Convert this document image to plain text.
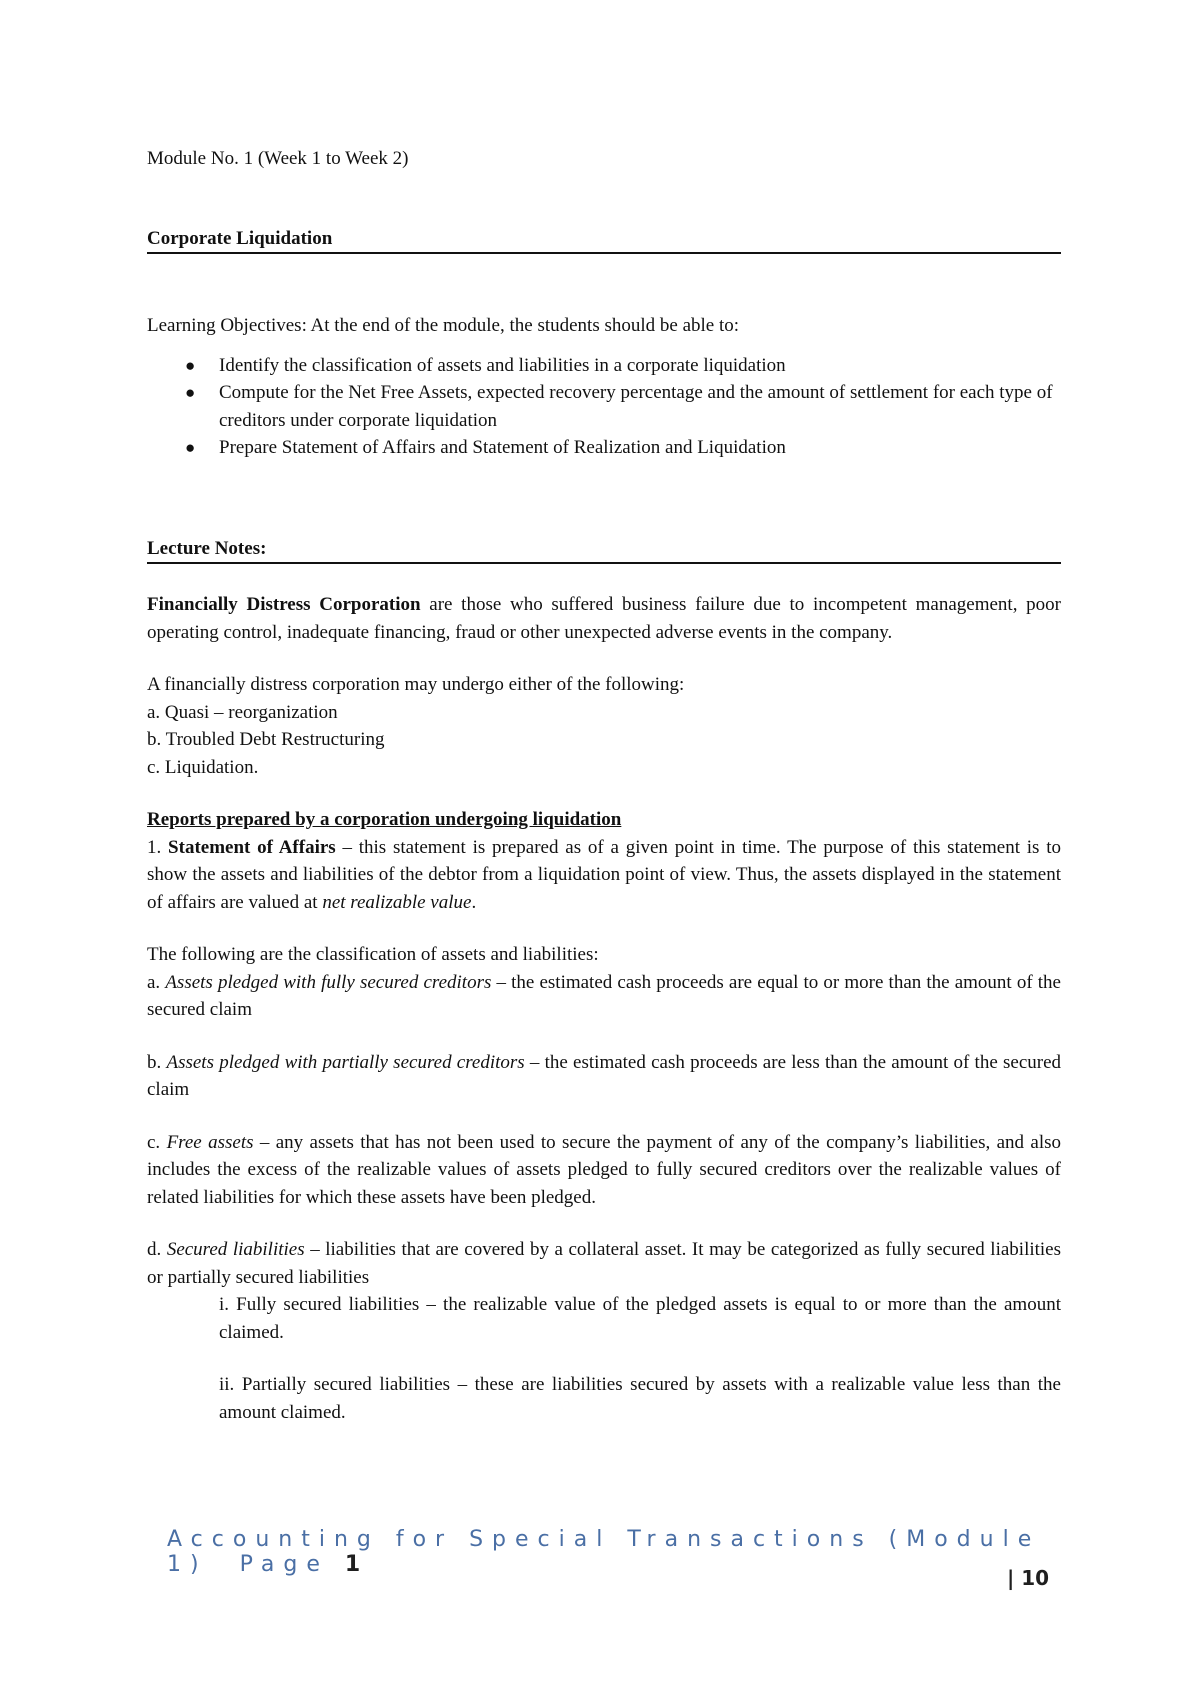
Module No. 1 (Week 1 to Week 2)

Corporate Liquidation

Learning Objectives: At the end of the module, the students should be able to:

● Identify the classification of assets and liabilities in a corporate liquidation
● Compute for the Net Free Assets, expected recovery percentage and the amount of settlement for each type of creditors under corporate liquidation
● Prepare Statement of Affairs and Statement of Realization and Liquidation

Lecture Notes:

Financially Distress Corporation are those who suffered business failure due to incompetent management, poor operating control, inadequate financing, fraud or other unexpected adverse events in the company.

A financially distress corporation may undergo either of the following:

a. Quasi – reorganization

b. Troubled Debt Restructuring

c. Liquidation.

Reports prepared by a corporation undergoing liquidation

1. Statement of Affairs – this statement is prepared as of a given point in time. The purpose of this statement is to show the assets and liabilities of the debtor from a liquidation point of view. Thus, the assets displayed in the statement of affairs are valued at net realizable value.

The following are the classification of assets and liabilities:

a. Assets pledged with fully secured creditors – the estimated cash proceeds are equal to or more than the amount of the secured claim

b. Assets pledged with partially secured creditors – the estimated cash proceeds are less than the amount of the secured claim

c. Free assets – any assets that has not been used to secure the payment of any of the company’s liabilities, and also includes the excess of the realizable values of assets pledged to fully secured creditors over the realizable values of related liabilities for which these assets have been pledged.

d. Secured liabilities – liabilities that are covered by a collateral asset. It may be categorized as fully secured liabilities or partially secured liabilities

i. Fully secured liabilities – the realizable value of the pledged assets is equal to or more than the amount claimed.

ii. Partially secured liabilities – these are liabilities secured by assets with a realizable value less than the amount claimed.

Accounting for Special Transactions (Module 1) Page 1
| 10
